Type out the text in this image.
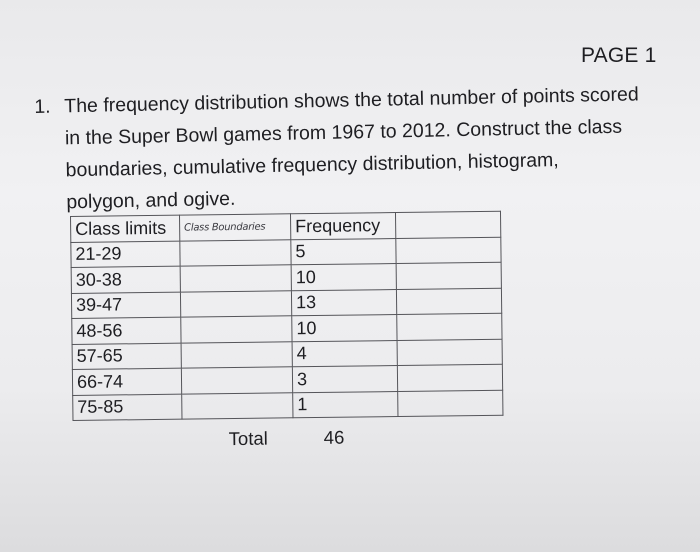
PAGE 1
1. The frequency distribution shows the total number of points scored
in the Super Bowl games from 1967 to 2012. Construct the class
boundaries, cumulative frequency distribution, histogram,
polygon, and ogive.
Class limits	Class Boundaries	Frequency	
21-29		5	
30-38		10	
39-47		13	
48-56		10	
57-65		4	
66-74		3	
75-85		1	
Total	46
